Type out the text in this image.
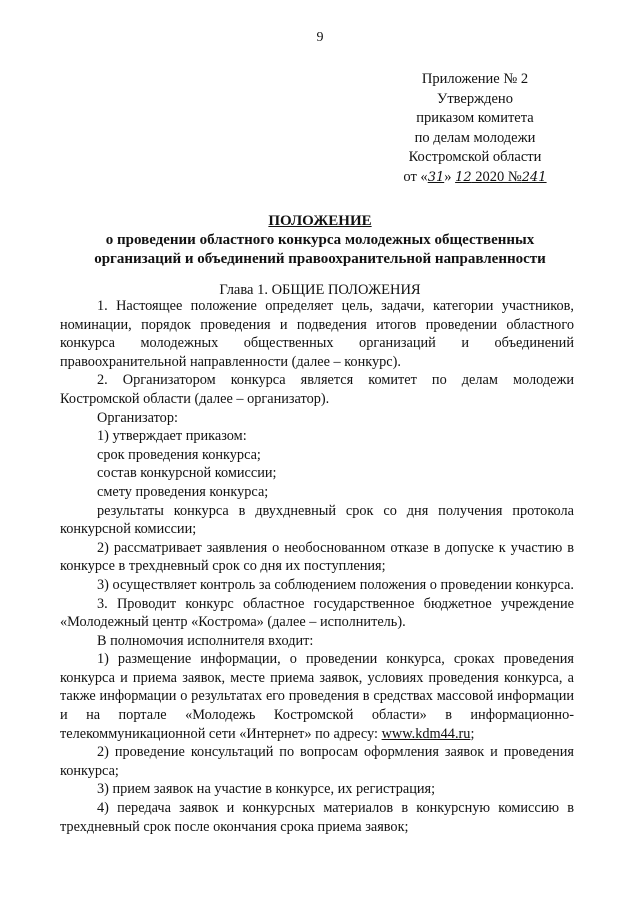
9
Приложение № 2
Утверждено
приказом комитета
по делам молодежи
Костромской области
от «31» 12 2020 №241
ПОЛОЖЕНИЕ
о проведении областного конкурса молодежных общественных
организаций и объединений правоохранительной направленности
Глава 1. ОБЩИЕ ПОЛОЖЕНИЯ

1. Настоящее положение определяет цель, задачи, категории участников, номинации, порядок проведения и подведения итогов проведении областного конкурса молодежных общественных организаций и объединений правоохранительной направленности (далее – конкурс).

2. Организатором конкурса является комитет по делам молодежи Костромской области (далее – организатор).

Организатор:

1) утверждает приказом:

срок проведения конкурса;

состав конкурсной комиссии;

смету проведения конкурса;

результаты конкурса в двухдневный срок со дня получения протокола конкурсной комиссии;

2) рассматривает заявления о необоснованном отказе в допуске к участию в конкурсе в трехдневный срок со дня их поступления;

3) осуществляет контроль за соблюдением положения о проведении конкурса.

3. Проводит конкурс областное государственное бюджетное учреждение «Молодежный центр «Кострома» (далее – исполнитель).

В полномочия исполнителя входит:

1) размещение информации, о проведении конкурса, сроках проведения конкурса и приема заявок, месте приема заявок, условиях проведения конкурса, а также информации о результатах его проведения в средствах массовой информации и на портале «Молодежь Костромской области» в информационно-телекоммуникационной сети «Интернет» по адресу: www.kdm44.ru;

2) проведение консультаций по вопросам оформления заявок и проведения конкурса;

3) прием заявок на участие в конкурсе, их регистрация;

4) передача заявок и конкурсных материалов в конкурсную комиссию в трехдневный срок после окончания срока приема заявок;
